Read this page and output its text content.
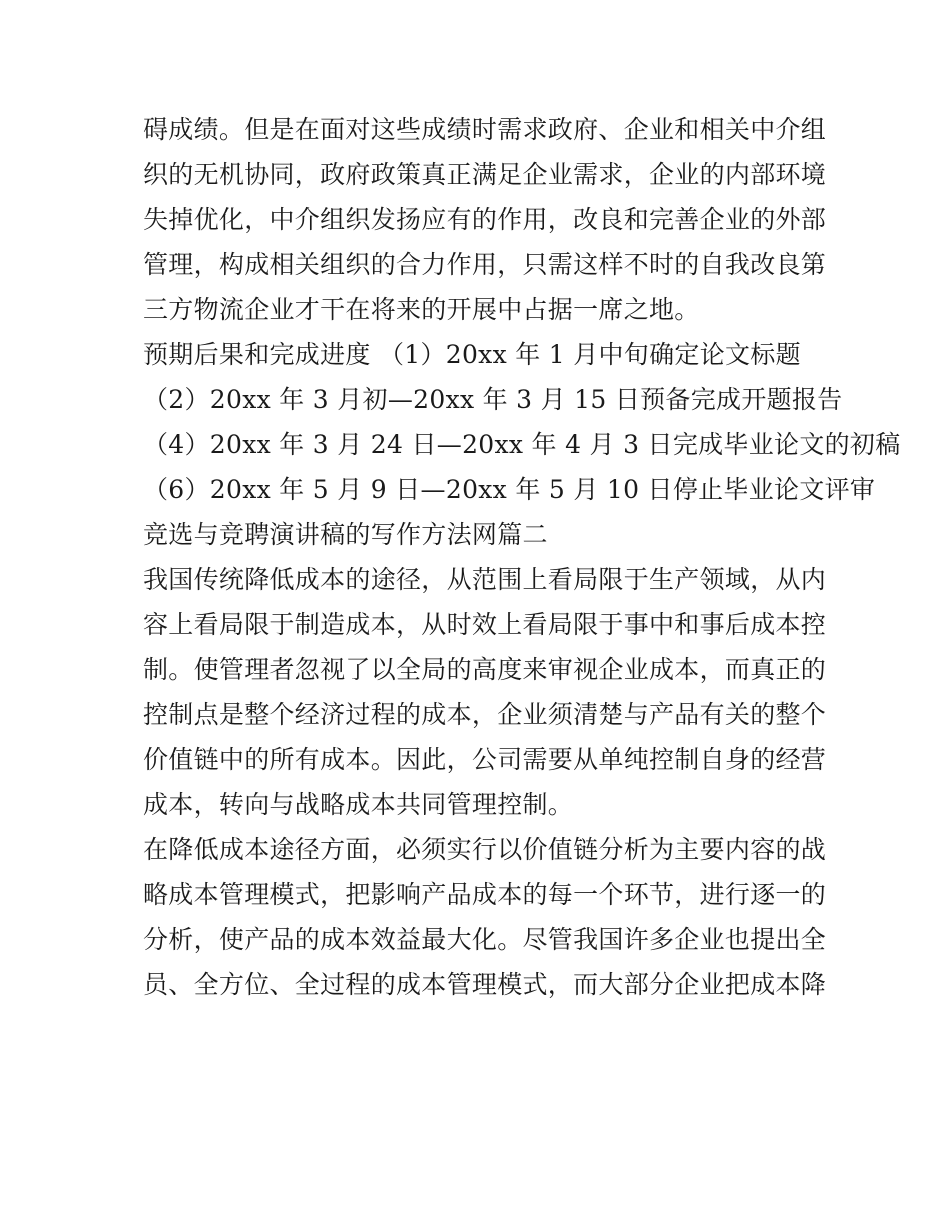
碍成绩。但是在面对这些成绩时需求政府、企业和相关中介组
织的无机协同，政府政策真正满足企业需求，企业的内部环境
失掉优化，中介组织发扬应有的作用，改良和完善企业的外部
管理，构成相关组织的合力作用，只需这样不时的自我改良第
三方物流企业才干在将来的开展中占据一席之地。
预期后果和完成进度 （1）20xx 年 1 月中旬确定论文标题
（2）20xx 年 3 月初—20xx 年 3 月 15 日预备完成开题报告
（4）20xx 年 3 月 24 日—20xx 年 4 月 3 日完成毕业论文的初稿
（6）20xx 年 5 月 9 日—20xx 年 5 月 10 日停止毕业论文评审
竞选与竞聘演讲稿的写作方法网篇二
我国传统降低成本的途径，从范围上看局限于生产领域，从内
容上看局限于制造成本，从时效上看局限于事中和事后成本控
制。使管理者忽视了以全局的高度来审视企业成本，而真正的
控制点是整个经济过程的成本，企业须清楚与产品有关的整个
价值链中的所有成本。因此，公司需要从单纯控制自身的经营
成本，转向与战略成本共同管理控制。
在降低成本途径方面，必须实行以价值链分析为主要内容的战
略成本管理模式，把影响产品成本的每一个环节，进行逐一的
分析，使产品的成本效益最大化。尽管我国许多企业也提出全
员、全方位、全过程的成本管理模式，而大部分企业把成本降
